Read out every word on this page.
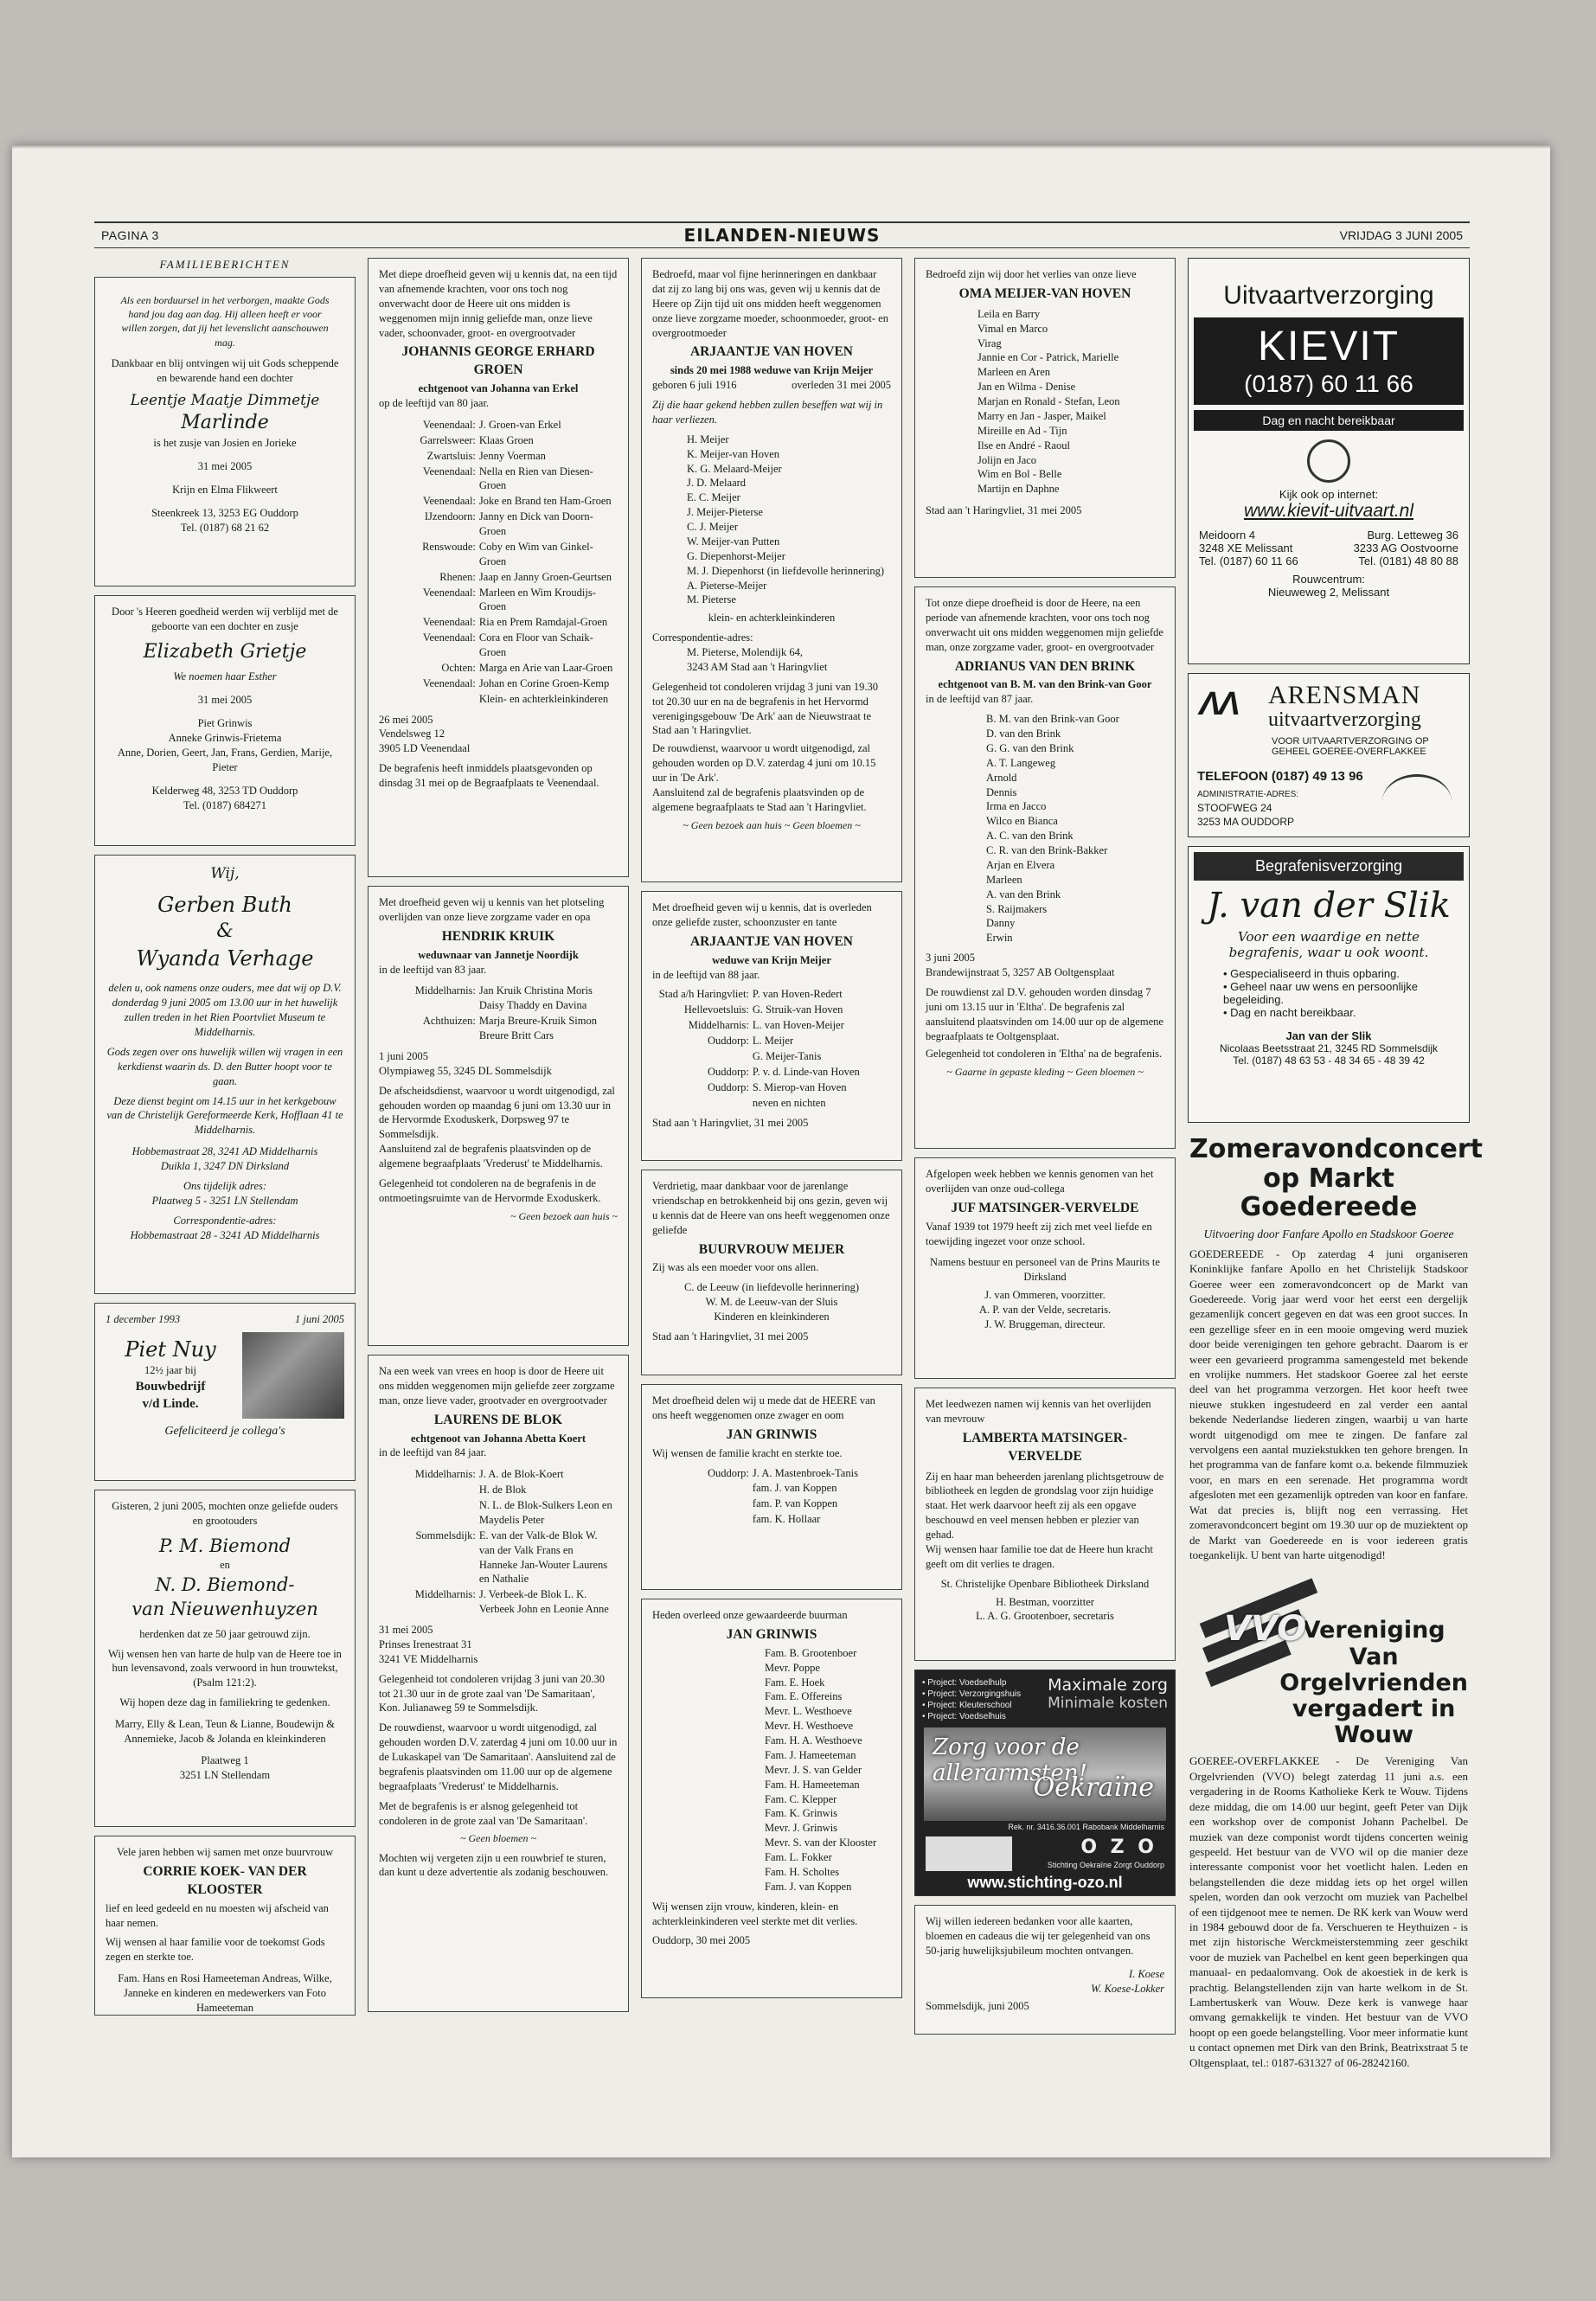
PAGINA 3	EILANDEN-NIEUWS	VRIJDAG 3 JUNI 2005
FAMILIEBERICHTEN
Als een borduursel in het verborgen, maakte Gods hand jou dag aan dag. Hij alleen heeft er voor willen zorgen, dat jij het levenslicht aanschouwen mag.
Dankbaar en blij ontvingen wij uit Gods scheppende en bewarende hand een dochter
Leentje Maatje Dimmetje
Marlinde
is het zusje van Josien en Jorieke
31 mei 2005
Krijn en Elma Flikweert
Steenkreek 13, 3253 EG Ouddorp
Tel. (0187) 68 21 62
Door 's Heeren goedheid werden wij verblijd met de geboorte van een dochter en zusje
Elizabeth Grietje
We noemen haar Esther
31 mei 2005
Piet Grinwis
Anneke Grinwis-Frietema
Anne, Dorien, Geert, Jan, Frans, Gerdien, Marije, Pieter
Kelderweg 48, 3253 TD Ouddorp
Tel. (0187) 684271
Wij,
Gerben Buth
&
Wyanda Verhage
delen u, ook namens onze ouders, mee dat wij op D.V. donderdag 9 juni 2005 om 13.00 uur in het huwelijk zullen treden in het Rien Poortvliet Museum te Middelharnis.
Gods zegen over ons huwelijk willen wij vragen in een kerkdienst waarin ds. D. den Butter hoopt voor te gaan.
Deze dienst begint om 14.15 uur in het kerkgebouw van de Christelijk Gereformeerde Kerk, Hofflaan 41 te Middelharnis.
Hobbemastraat 28, 3241 AD Middelharnis
Duikla 1, 3247 DN Dirksland
Ons tijdelijk adres:
Plaatweg 5 - 3251 LN Stellendam
Correspondentie-adres:
Hobbemastraat 28 - 3241 AD Middelharnis
1 december 1993	1 juni 2005
Piet Nuy
12½ jaar bij
Bouwbedrijf
v/d Linde.
Gefeliciteerd je collega's
Gisteren, 2 juni 2005, mochten onze geliefde ouders en grootouders
P. M. Biemond
en
N. D. Biemond-
van Nieuwenhuyzen
herdenken dat ze 50 jaar getrouwd zijn.
Wij wensen hen van harte de hulp van de Heere toe in hun levensavond, zoals verwoord in hun trouwtekst, (Psalm 121:2).
Wij hopen deze dag in familiekring te gedenken.
Marry, Elly & Lean, Teun & Lianne, Boudewijn & Annemieke, Jacob & Jolanda en kleinkinderen
Plaatweg 1
3251 LN Stellendam
Vele jaren hebben wij samen met onze buurvrouw
CORRIE KOEK- VAN DER KLOOSTER
lief en leed gedeeld en nu moesten wij afscheid van haar nemen.
Wij wensen al haar familie voor de toekomst Gods zegen en sterkte toe.
Fam. Hans en Rosi Hameeteman Andreas, Wilke, Janneke en kinderen en medewerkers van Foto Hameeteman
Met diepe droefheid geven wij u kennis dat, na een tijd van afnemende krachten, voor ons toch nog onverwacht door de Heere uit ons midden is weggenomen mijn innig geliefde man, onze lieve vader, schoonvader, groot- en overgrootvader
JOHANNIS GEORGE ERHARD GROEN
echtgenoot van Johanna van Erkel
op de leeftijd van 80 jaar.
Veenendaal:	J. Groen-van Erkel
Garrelsweer:	Klaas Groen
Zwartsluis:	Jenny Voerman
Veenendaal:	Nella en Rien van Diesen-Groen
Veenendaal:	Joke en Brand ten Ham-Groen
IJzendoorn:	Janny en Dick van Doorn-Groen
Renswoude:	Coby en Wim van Ginkel-Groen
Rhenen:	Jaap en Janny Groen-Geurtsen
Veenendaal:	Marleen en Wim Kroudijs-Groen
Veenendaal:	Ria en Prem Ramdajal-Groen
Veenendaal:	Cora en Floor van Schaik-Groen
Ochten:	Marga en Arie van Laar-Groen
Veenendaal:	Johan en Corine Groen-Kemp
	Klein- en achterkleinkinderen
26 mei 2005
Vendelsweg 12
3905 LD Veenendaal
De begrafenis heeft inmiddels plaatsgevonden op dinsdag 31 mei op de Begraafplaats te Veenendaal.
Met droefheid geven wij u kennis van het plotseling overlijden van onze lieve zorgzame vader en opa
HENDRIK KRUIK
weduwnaar van Jannetje Noordijk
in de leeftijd van 83 jaar.
Middelharnis:	Jan Kruik Christina Moris Daisy Thaddy en Davina
Achthuizen:	Marja Breure-Kruik Simon Breure Britt Cars
1 juni 2005
Olympiaweg 55, 3245 DL Sommelsdijk
De afscheidsdienst, waarvoor u wordt uitgenodigd, zal gehouden worden op maandag 6 juni om 13.30 uur in de Hervormde Exoduskerk, Dorpsweg 97 te Sommelsdijk.
Aansluitend zal de begrafenis plaatsvinden op de algemene begraafplaats 'Vrederust' te Middelharnis.
Gelegenheid tot condoleren na de begrafenis in de ontmoetingsruimte van de Hervormde Exoduskerk.
~ Geen bezoek aan huis ~
Na een week van vrees en hoop is door de Heere uit ons midden weggenomen mijn geliefde zeer zorgzame man, onze lieve vader, grootvader en overgrootvader
LAURENS DE BLOK
echtgenoot van Johanna Abetta Koert
in de leeftijd van 84 jaar.
Middelharnis:	J. A. de Blok-Koert
	H. de Blok
	N. L. de Blok-Sulkers Leon en Maydelis Peter
Sommelsdijk:	E. van der Valk-de Blok W. van der Valk Frans en Hanneke Jan-Wouter Laurens en Nathalie
Middelharnis:	J. Verbeek-de Blok L. K. Verbeek John en Leonie Anne
31 mei 2005
Prinses Irenestraat 31
3241 VE Middelharnis
Gelegenheid tot condoleren vrijdag 3 juni van 20.30 tot 21.30 uur in de grote zaal van 'De Samaritaan', Kon. Julianaweg 59 te Sommelsdijk.
De rouwdienst, waarvoor u wordt uitgenodigd, zal gehouden worden D.V. zaterdag 4 juni om 10.00 uur in de Lukaskapel van 'De Samaritaan'. Aansluitend zal de begrafenis plaatsvinden om 11.00 uur op de algemene begraafplaats 'Vrederust' te Middelharnis.
Met de begrafenis is er alsnog gelegenheid tot condoleren in de grote zaal van 'De Samaritaan'.
~ Geen bloemen ~
Mochten wij vergeten zijn u een rouwbrief te sturen, dan kunt u deze advertentie als zodanig beschouwen.
Bedroefd, maar vol fijne herinneringen en dankbaar dat zij zo lang bij ons was, geven wij u kennis dat de Heere op Zijn tijd uit ons midden heeft weggenomen onze lieve zorgzame moeder, schoonmoeder, groot- en overgrootmoeder
ARJAANTJE VAN HOVEN
sinds 20 mei 1988 weduwe van Krijn Meijer
geboren 6 juli 1916	overleden 31 mei 2005
Zij die haar gekend hebben zullen beseffen wat wij in haar verliezen.
H. Meijer
K. Meijer-van Hoven
K. G. Melaard-Meijer
J. D. Melaard
E. C. Meijer
J. Meijer-Pieterse
C. J. Meijer
W. Meijer-van Putten
G. Diepenhorst-Meijer
M. J. Diepenhorst (in liefdevolle herinnering)
A. Pieterse-Meijer
M. Pieterse
klein- en achterkleinkinderen
Correspondentie-adres:
M. Pieterse, Molendijk 64,
3243 AM Stad aan 't Haringvliet
Gelegenheid tot condoleren vrijdag 3 juni van 19.30 tot 20.30 uur en na de begrafenis in het Hervormd verenigingsgebouw 'De Ark' aan de Nieuwstraat te Stad aan 't Haringvliet.
De rouwdienst, waarvoor u wordt uitgenodigd, zal gehouden worden op D.V. zaterdag 4 juni om 10.15 uur in 'De Ark'.
Aansluitend zal de begrafenis plaatsvinden op de algemene begraafplaats te Stad aan 't Haringvliet.
~ Geen bezoek aan huis ~ Geen bloemen ~
Met droefheid geven wij u kennis, dat is overleden onze geliefde zuster, schoonzuster en tante
ARJAANTJE VAN HOVEN
weduwe van Krijn Meijer
in de leeftijd van 88 jaar.
Stad a/h Haringvliet:	P. van Hoven-Redert
Hellevoetsluis:	G. Struik-van Hoven
Middelharnis:	L. van Hoven-Meijer
Ouddorp:	L. Meijer
	G. Meijer-Tanis
Ouddorp:	P. v. d. Linde-van Hoven
Ouddorp:	S. Mierop-van Hoven
	neven en nichten
Stad aan 't Haringvliet, 31 mei 2005
Verdrietig, maar dankbaar voor de jarenlange vriendschap en betrokkenheid bij ons gezin, geven wij u kennis dat de Heere van ons heeft weggenomen onze geliefde
BUURVROUW MEIJER
Zij was als een moeder voor ons allen.
C. de Leeuw (in liefdevolle herinnering)
W. M. de Leeuw-van der Sluis
Kinderen en kleinkinderen
Stad aan 't Haringvliet, 31 mei 2005
Met droefheid delen wij u mede dat de HEERE van ons heeft weggenomen onze zwager en oom
JAN GRINWIS
Wij wensen de familie kracht en sterkte toe.
Ouddorp:	J. A. Mastenbroek-Tanis
	fam. J. van Koppen
	fam. P. van Koppen
	fam. K. Hollaar
Heden overleed onze gewaardeerde buurman
JAN GRINWIS
Fam. B. Grootenboer
Mevr. Poppe
Fam. E. Hoek
Fam. E. Offereins
Mevr. L. Westhoeve
Mevr. H. Westhoeve
Fam. H. A. Westhoeve
Fam. J. Hameeteman
Mevr. J. S. van Gelder
Fam. H. Hameeteman
Fam. C. Klepper
Fam. K. Grinwis
Mevr. J. Grinwis
Mevr. S. van der Klooster
Fam. L. Fokker
Fam. H. Scholtes
Fam. J. van Koppen
Wij wensen zijn vrouw, kinderen, klein- en achterkleinkinderen veel sterkte met dit verlies.
Ouddorp, 30 mei 2005
Bedroefd zijn wij door het verlies van onze lieve
OMA MEIJER-VAN HOVEN
Leila en Barry
Vimal en Marco
Virag
Jannie en Cor - Patrick, Marielle
Marleen en Aren
Jan en Wilma - Denise
Marjan en Ronald - Stefan, Leon
Marry en Jan - Jasper, Maikel
Mireille en Ad - Tijn
Ilse en André - Raoul
Jolijn en Jaco
Wim en Bol - Belle
Martijn en Daphne
Stad aan 't Haringvliet, 31 mei 2005
Tot onze diepe droefheid is door de Heere, na een periode van afnemende krachten, voor ons toch nog onverwacht uit ons midden weggenomen mijn geliefde man, onze zorgzame vader, groot- en overgrootvader
ADRIANUS VAN DEN BRINK
echtgenoot van B. M. van den Brink-van Goor
in de leeftijd van 87 jaar.
B. M. van den Brink-van Goor
D. van den Brink
G. G. van den Brink
A. T. Langeweg
Arnold
Dennis
Irma en Jacco
Wilco en Bianca
A. C. van den Brink
C. R. van den Brink-Bakker
Arjan en Elvera
Marleen
A. van den Brink
S. Raijmakers
Danny
Erwin
3 juni 2005
Brandewijnstraat 5, 3257 AB Ooltgensplaat
De rouwdienst zal D.V. gehouden worden dinsdag 7 juni om 13.15 uur in 'Eltha'. De begrafenis zal aansluitend plaatsvinden om 14.00 uur op de algemene begraafplaats te Ooltgensplaat.
Gelegenheid tot condoleren in 'Eltha' na de begrafenis.
~ Gaarne in gepaste kleding ~ Geen bloemen ~
Afgelopen week hebben we kennis genomen van het overlijden van onze oud-collega
JUF MATSINGER-VERVELDE
Vanaf 1939 tot 1979 heeft zij zich met veel liefde en toewijding ingezet voor onze school.
Namens bestuur en personeel van de Prins Maurits te Dirksland
J. van Ommeren, voorzitter.
A. P. van der Velde, secretaris.
J. W. Bruggeman, directeur.
Met leedwezen namen wij kennis van het overlijden van mevrouw
LAMBERTA MATSINGER-VERVELDE
Zij en haar man beheerden jarenlang plichtsgetrouw de bibliotheek en legden de grondslag voor zijn huidige staat. Het werk daarvoor heeft zij als een opgave beschouwd en veel mensen hebben er plezier van gehad.
Wij wensen haar familie toe dat de Heere hun kracht geeft om dit verlies te dragen.
St. Christelijke Openbare Bibliotheek Dirksland
H. Bestman, voorzitter
L. A. G. Grootenboer, secretaris
• Project: Voedselhulp
• Project: Verzorgingshuis
• Project: Kleuterschool
• Project: Voedselhuis
Maximale zorg
Minimale kosten
Zorg voor de allerarmsten!
Oekraïne
Rek. nr. 3416.36.001 Rabobank Middelharnis
O Z O
Stichting Oekraïne Zorgt Ouddorp
www.stichting-ozo.nl
Wij willen iedereen bedanken voor alle kaarten, bloemen en cadeaus die wij ter gelegenheid van ons 50-jarig huwelijksjubileum mochten ontvangen.
I. Koese
W. Koese-Lokker
Sommelsdijk, juni 2005
Uitvaartverzorging
KIEVIT
(0187) 60 11 66
Dag en nacht bereikbaar
Kijk ook op internet:
www.kievit-uitvaart.nl
Meidoorn 4
3248 XE Melissant
Tel. (0187) 60 11 66
Burg. Letteweg 36
3233 AG Oostvoorne
Tel. (0181) 48 80 88
Rouwcentrum:
Nieuweweg 2, Melissant
ΛΛ ARENSMAN
uitvaartverzorging
VOOR UITVAARTVERZORGING OP GEHEEL GOEREE-OVERFLAKKEE
TELEFOON (0187) 49 13 96
ADMINISTRATIE-ADRES:
STOOFWEG 24
3253 MA OUDDORP
Begrafenisverzorging
J. van der Slik
Voor een waardige en nette begrafenis, waar u ook woont.
• Gespecialiseerd in thuis opbaring.
• Geheel naar uw wens en persoonlijke begeleiding.
• Dag en nacht bereikbaar.
Jan van der Slik
Nicolaas Beetsstraat 21, 3245 RD Sommelsdijk
Tel. (0187) 48 63 53 - 48 34 65 - 48 39 42
Zomeravondconcert op Markt Goedereede
Uitvoering door Fanfare Apollo en Stadskoor Goeree
GOEDEREEDE - Op zaterdag 4 juni organiseren Koninklijke fanfare Apollo en het Christelijk Stadskoor Goeree weer een zomeravondconcert op de Markt van Goedereede. Vorig jaar werd voor het eerst een dergelijk gezamenlijk concert gegeven en dat was een groot succes. In een gezellige sfeer en in een mooie omgeving werd muziek door beide verenigingen ten gehore gebracht. Daarom is er weer een gevarieerd programma samengesteld met bekende en vrolijke nummers. Het stadskoor Goeree zal het eerste deel van het programma verzorgen. Het koor heeft twee nieuwe stukken ingestudeerd en zal verder een aantal bekende Nederlandse liederen zingen, waarbij u van harte wordt uitgenodigd om mee te zingen. De fanfare zal vervolgens een aantal muziekstukken ten gehore brengen. In het programma van de fanfare komt o.a. bekende filmmuziek voor, en mars en een serenade. Het programma wordt afgesloten met een gezamenlijk optreden van koor en fanfare. Wat dat precies is, blijft nog een verrassing. Het zomeravondconcert begint om 19.30 uur op de muziektent op de Markt van Goedereede en is voor iedereen gratis toegankelijk. U bent van harte uitgenodigd!
VVO
Vereniging Van Orgelvrienden vergadert in Wouw
GOEREE-OVERFLAKKEE - De Vereniging Van Orgelvrienden (VVO) belegt zaterdag 11 juni a.s. een vergadering in de Rooms Katholieke Kerk te Wouw. Tijdens deze middag, die om 14.00 uur begint, geeft Peter van Dijk een workshop over de componist Johann Pachelbel. De muziek van deze componist wordt tijdens concerten weinig gespeeld. Het bestuur van de VVO wil op die manier deze interessante componist voor het voetlicht halen. Leden en belangstellenden die deze middag iets op het orgel willen spelen, worden dan ook verzocht om muziek van Pachelbel of een tijdgenoot mee te nemen. De RK kerk van Wouw werd in 1984 gebouwd door de fa. Verschueren te Heythuizen - is met zijn historische Werckmeisterstemming zeer geschikt voor de muziek van Pachelbel en kent geen beperkingen qua manuaal- en pedaalomvang. Ook de akoestiek in de kerk is prachtig. Belangstellenden zijn van harte welkom in de St. Lambertuskerk van Wouw. Deze kerk is vanwege haar omvang gemakkelijk te vinden. Het bestuur van de VVO hoopt op een goede belangstelling. Voor meer informatie kunt u contact opnemen met Dirk van den Brink, Beatrixstraat 5 te Oltgensplaat, tel.: 0187-631327 of 06-28242160.
